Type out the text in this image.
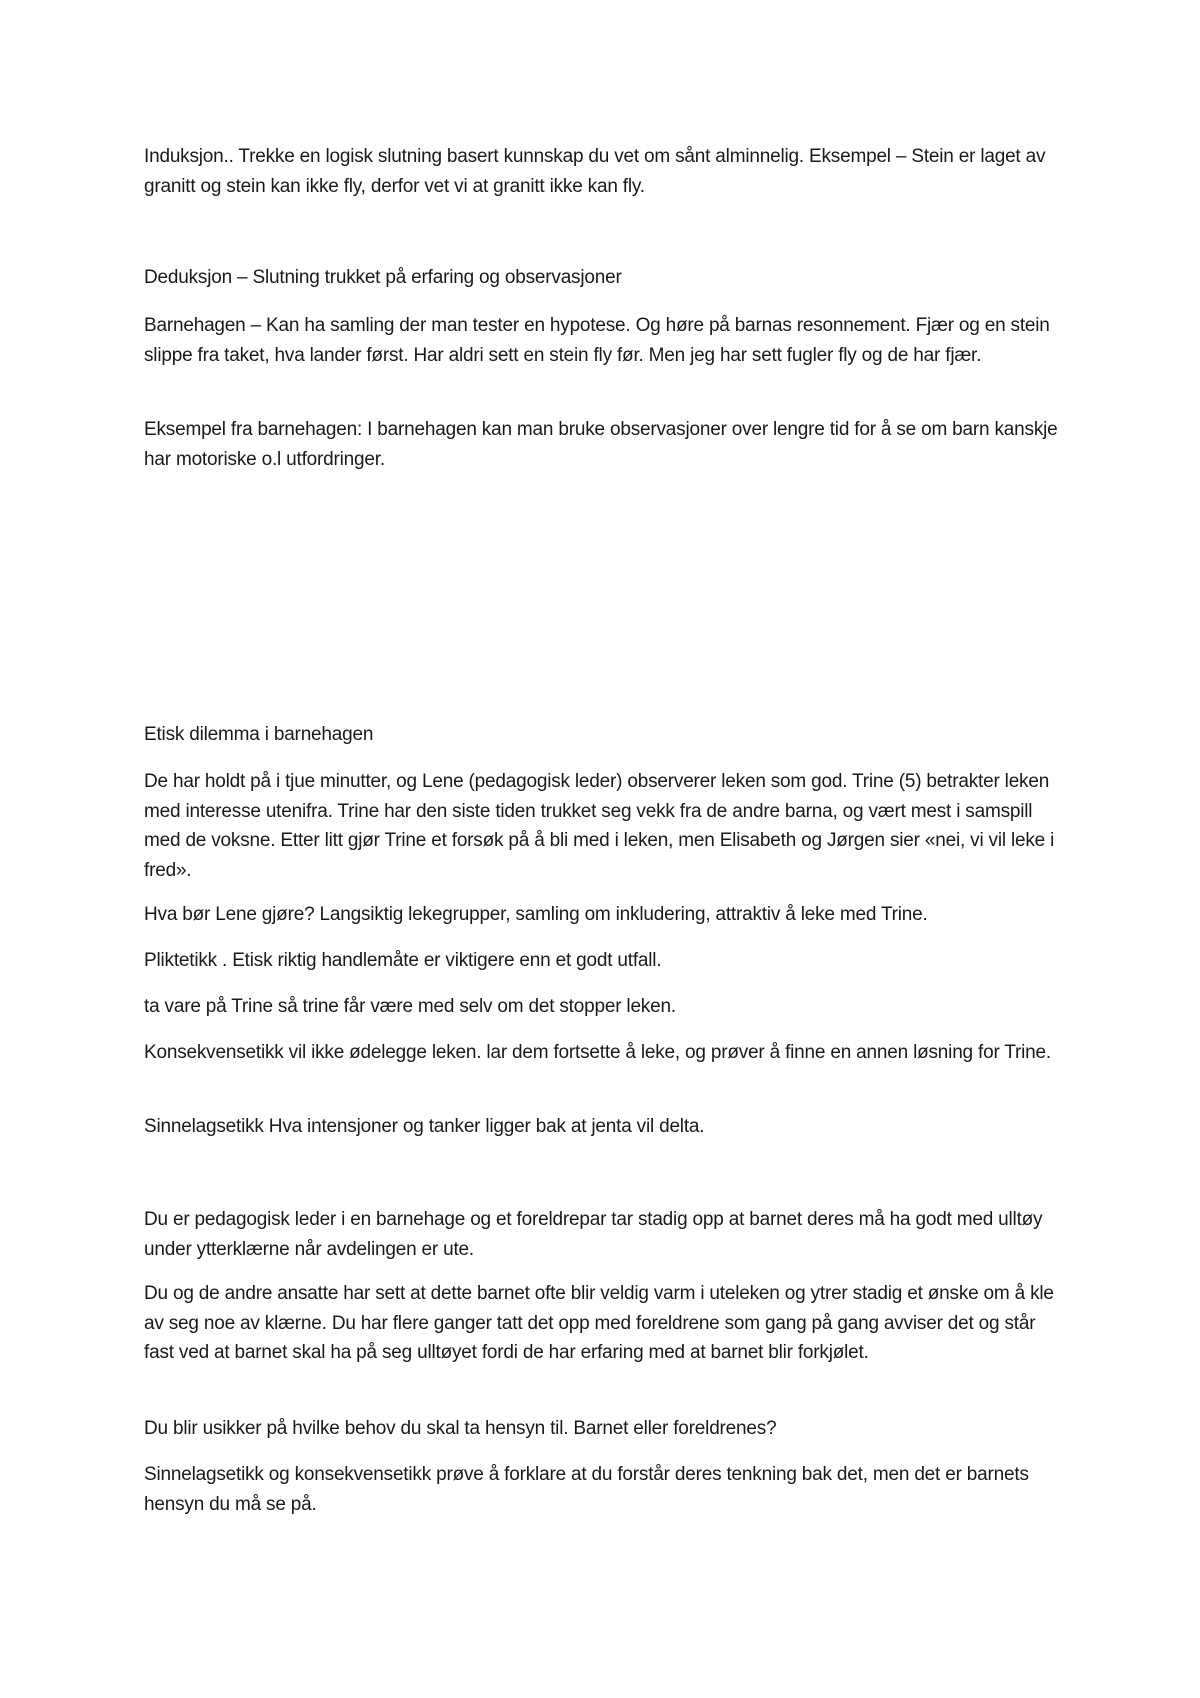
Induksjon.. Trekke en logisk slutning basert kunnskap du vet om sånt alminnelig. Eksempel – Stein er laget av granitt og stein kan ikke fly, derfor vet vi at granitt ikke kan fly.

Deduksjon – Slutning trukket på erfaring og observasjoner

Barnehagen – Kan ha samling der man tester en hypotese. Og høre på barnas resonnement. Fjær og en stein slippe fra taket, hva lander først. Har aldri sett en stein fly før. Men jeg har sett fugler fly og de har fjær.

Eksempel fra barnehagen: I barnehagen kan man bruke observasjoner over lengre tid for å se om barn kanskje har motoriske o.l utfordringer.

Etisk dilemma i barnehagen

De har holdt på i tjue minutter, og Lene (pedagogisk leder) observerer leken som god. Trine (5) betrakter leken med interesse utenifra. Trine har den siste tiden trukket seg vekk fra de andre barna, og vært mest i samspill med de voksne. Etter litt gjør Trine et forsøk på å bli med i leken, men Elisabeth og Jørgen sier «nei, vi vil leke i fred».

Hva bør Lene gjøre? Langsiktig lekegrupper, samling om inkludering, attraktiv å leke med Trine.

Pliktetikk . Etisk riktig handlemåte er viktigere enn et godt utfall.

ta vare på Trine så trine får være med selv om det stopper leken.

Konsekvensetikk vil ikke ødelegge leken. lar dem fortsette å leke, og prøver å finne en annen løsning for Trine.

Sinnelagsetikk Hva intensjoner og tanker ligger bak at jenta vil delta.

Du er pedagogisk leder i en barnehage og et foreldrepar tar stadig opp at barnet deres må ha godt med ulltøy under ytterklærne når avdelingen er ute.

Du og de andre ansatte har sett at dette barnet ofte blir veldig varm i uteleken og ytrer stadig et ønske om å kle av seg noe av klærne. Du har flere ganger tatt det opp med foreldrene som gang på gang avviser det og står fast ved at barnet skal ha på seg ulltøyet fordi de har erfaring med at barnet blir forkjølet.

Du blir usikker på hvilke behov du skal ta hensyn til. Barnet eller foreldrenes?

Sinnelagsetikk og konsekvensetikk prøve å forklare at du forstår deres tenkning bak det, men det er barnets hensyn du må se på.
